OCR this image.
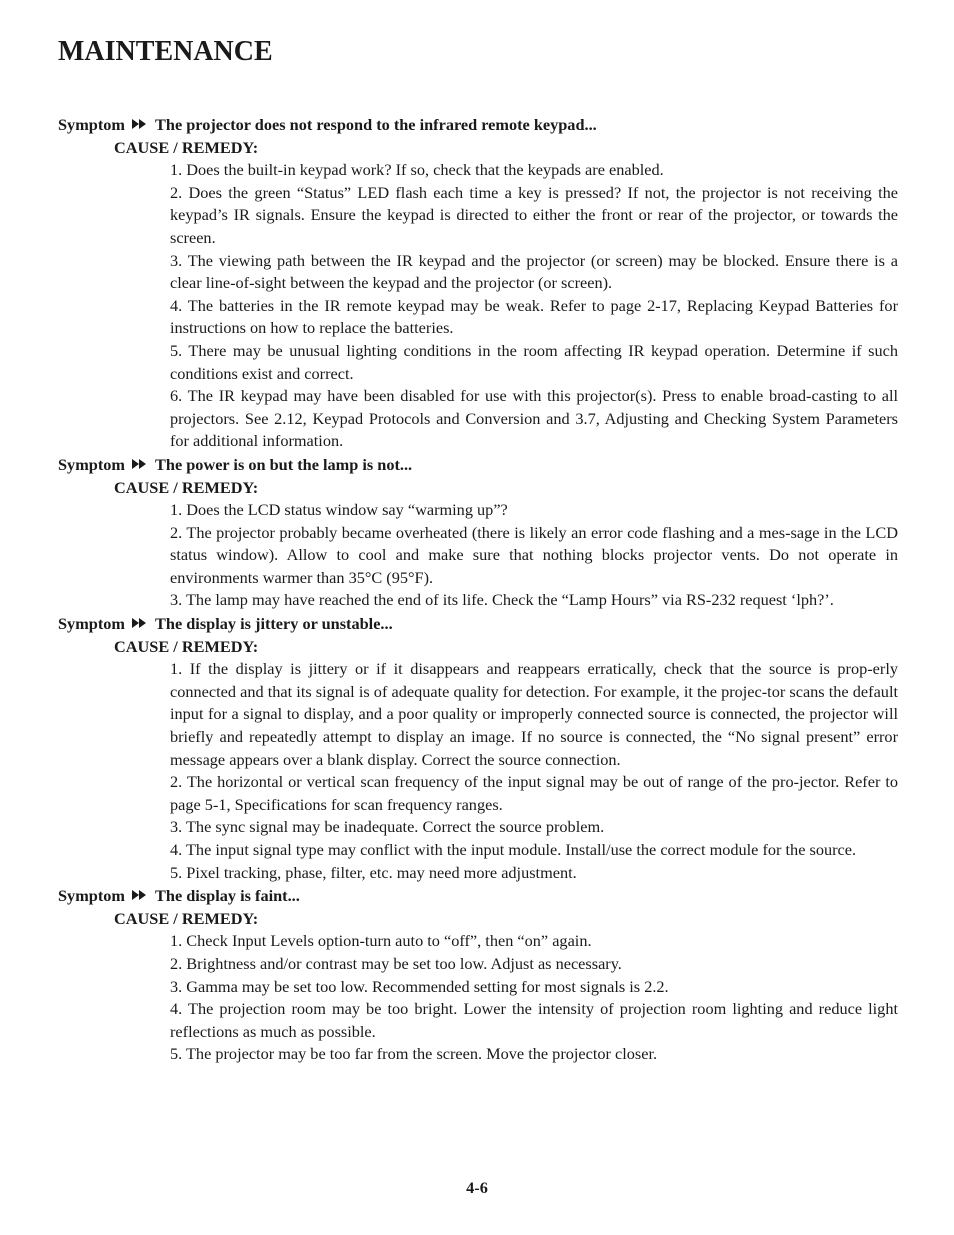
MAINTENANCE
Symptom The projector does not respond to the infrared remote keypad...
CAUSE / REMEDY:
1. Does the built-in keypad work? If so, check that the keypads are enabled.
2. Does the green “Status” LED flash each time a key is pressed? If not, the projector is not receiving the keypad’s IR signals. Ensure the keypad is directed to either the front or rear of the projector, or towards the screen.
3. The viewing path between the IR keypad and the projector (or screen) may be blocked. Ensure there is a clear line-of-sight between the keypad and the projector (or screen).
4. The batteries in the IR remote keypad may be weak. Refer to page 2-17, Replacing Keypad Batteries for instructions on how to replace the batteries.
5. There may be unusual lighting conditions in the room affecting IR keypad operation. Determine if such conditions exist and correct.
6. The IR keypad may have been disabled for use with this projector(s). Press to enable broad-casting to all projectors. See 2.12, Keypad Protocols and Conversion and 3.7, Adjusting and Checking System Parameters for additional information.
Symptom The power is on but the lamp is not...
CAUSE / REMEDY:
1. Does the LCD status window say “warming up”?
2. The projector probably became overheated (there is likely an error code flashing and a mes-sage in the LCD status window). Allow to cool and make sure that nothing blocks projector vents. Do not operate in environments warmer than 35°C (95°F).
3. The lamp may have reached the end of its life. Check the “Lamp Hours” via RS-232 request ‘lph?’.
Symptom The display is jittery or unstable...
CAUSE / REMEDY:
1. If the display is jittery or if it disappears and reappears erratically, check that the source is prop-erly connected and that its signal is of adequate quality for detection. For example, it the projec-tor scans the default input for a signal to display, and a poor quality or improperly connected source is connected, the projector will briefly and repeatedly attempt to display an image. If no source is connected, the “No signal present” error message appears over a blank display. Correct the source connection.
2. The horizontal or vertical scan frequency of the input signal may be out of range of the pro-jector. Refer to page 5-1, Specifications for scan frequency ranges.
3. The sync signal may be inadequate. Correct the source problem.
4. The input signal type may conflict with the input module. Install/use the correct module for the source.
5. Pixel tracking, phase, filter, etc. may need more adjustment.
Symptom The display is faint...
CAUSE / REMEDY:
1. Check Input Levels option-turn auto to “off”, then “on” again.
2. Brightness and/or contrast may be set too low. Adjust as necessary.
3. Gamma may be set too low. Recommended setting for most signals is 2.2.
4. The projection room may be too bright. Lower the intensity of projection room lighting and reduce light reflections as much as possible.
5. The projector may be too far from the screen. Move the projector closer.
4-6
